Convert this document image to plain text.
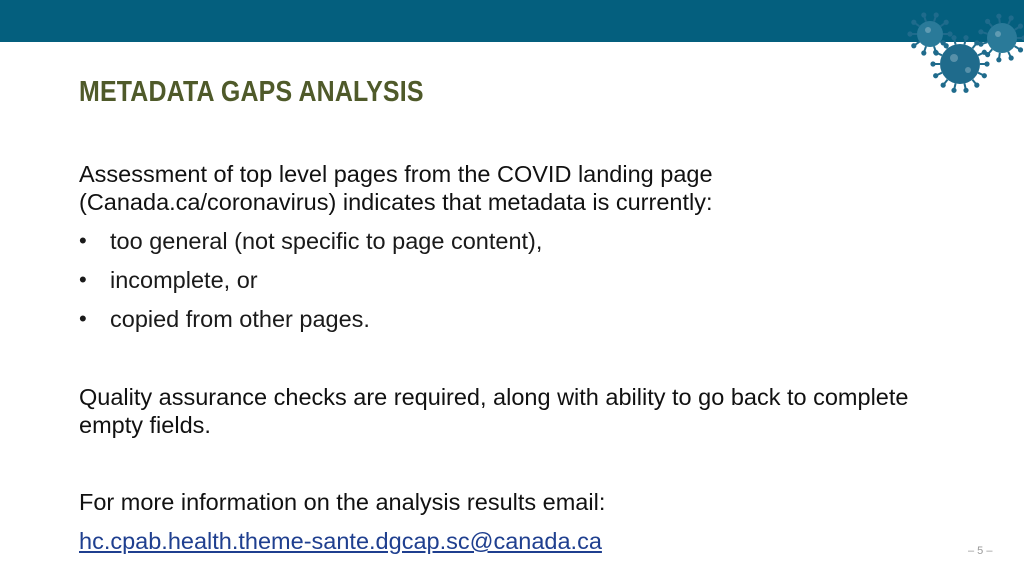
METADATA GAPS ANALYSIS
Assessment of top level pages from the COVID landing page
(Canada.ca/coronavirus) indicates that metadata is currently:
• too general (not specific to page content),
• incomplete, or
• copied from other pages.
Quality assurance checks are required, along with ability to go back to complete
empty fields.
For more information on the analysis results email:
hc.cpab.health.theme-sante.dgcap.sc@canada.ca	– 5 –
